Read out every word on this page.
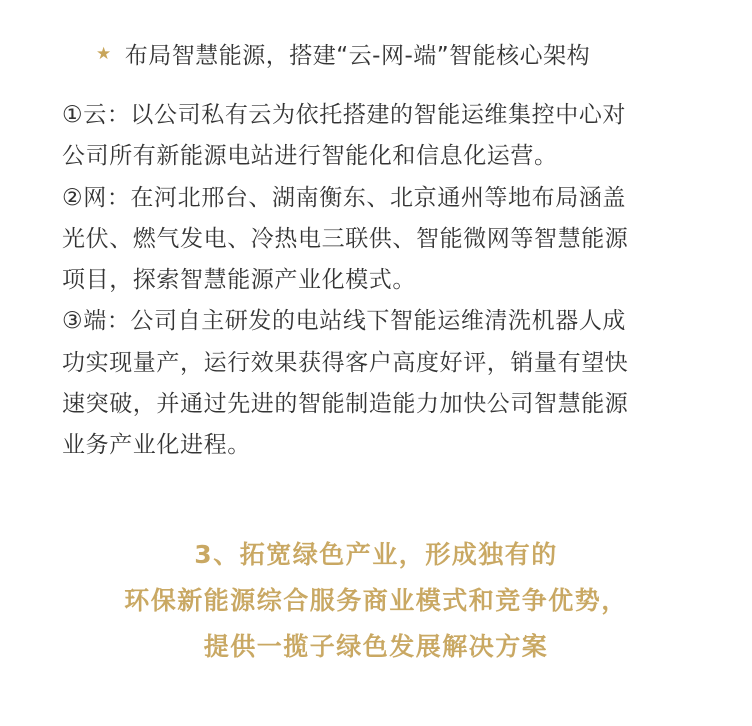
★ 布局智慧能源，搭建“云-网-端”智能核心架构

①云：以公司私有云为依托搭建的智能运维集控中心对
公司所有新能源电站进行智能化和信息化运营。

②网：在河北邢台、湖南衡东、北京通州等地布局涵盖
光伏、燃气发电、冷热电三联供、智能微网等智慧能源
项目，探索智慧能源产业化模式。

③端：公司自主研发的电站线下智能运维清洗机器人成
功实现量产，运行效果获得客户高度好评，销量有望快
速突破，并通过先进的智能制造能力加快公司智慧能源
业务产业化进程。

3、拓宽绿色产业，形成独有的
环保新能源综合服务商业模式和竞争优势，
提供一揽子绿色发展解决方案
